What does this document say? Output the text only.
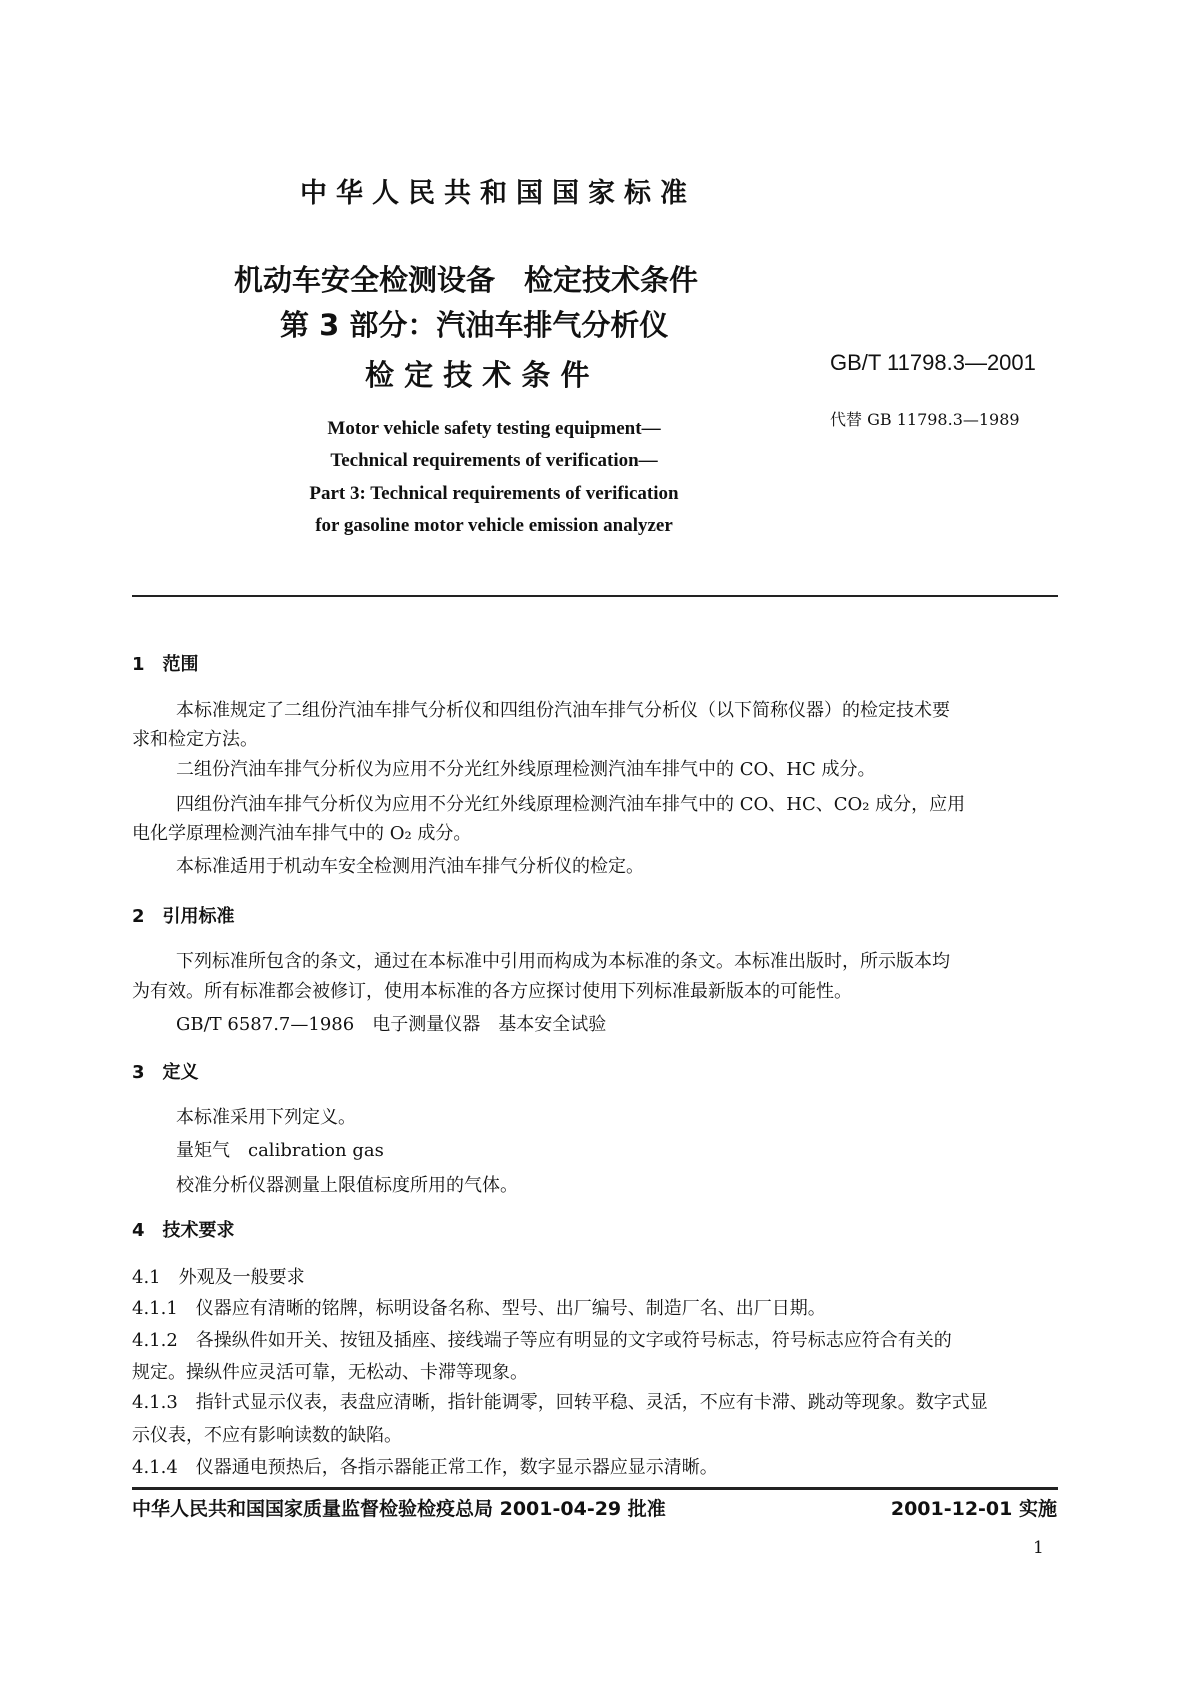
中华人民共和国国家标准
机动车安全检测设备　检定技术条件
第 3 部分：汽油车排气分析仪
检 定 技 术 条 件	GB/T 11798.3—2001
代替 GB 11798.3—1989
Motor vehicle safety testing equipment—
Technical requirements of verification—
Part 3: Technical requirements of verification
for gasoline motor vehicle emission analyzer
1　范围
本标准规定了二组份汽油车排气分析仪和四组份汽油车排气分析仪（以下简称仪器）的检定技术要
求和检定方法。
二组份汽油车排气分析仪为应用不分光红外线原理检测汽油车排气中的 CO、HC 成分。
四组份汽油车排气分析仪为应用不分光红外线原理检测汽油车排气中的 CO、HC、CO₂ 成分，应用
电化学原理检测汽油车排气中的 O₂ 成分。
本标准适用于机动车安全检测用汽油车排气分析仪的检定。
2　引用标准
下列标准所包含的条文，通过在本标准中引用而构成为本标准的条文。本标准出版时，所示版本均
为有效。所有标准都会被修订，使用本标准的各方应探讨使用下列标准最新版本的可能性。
GB/T 6587.7—1986　电子测量仪器　基本安全试验
3　定义
本标准采用下列定义。
量矩气　calibration gas
校准分析仪器测量上限值标度所用的气体。
4　技术要求
4.1　外观及一般要求
4.1.1　仪器应有清晰的铭牌，标明设备名称、型号、出厂编号、制造厂名、出厂日期。
4.1.2　各操纵件如开关、按钮及插座、接线端子等应有明显的文字或符号标志，符号标志应符合有关的
规定。操纵件应灵活可靠，无松动、卡滞等现象。
4.1.3　指针式显示仪表，表盘应清晰，指针能调零，回转平稳、灵活，不应有卡滞、跳动等现象。数字式显
示仪表，不应有影响读数的缺陷。
4.1.4　仪器通电预热后，各指示器能正常工作，数字显示器应显示清晰。
中华人民共和国国家质量监督检验检疫总局 2001-04-29 批准	2001-12-01 实施
1
